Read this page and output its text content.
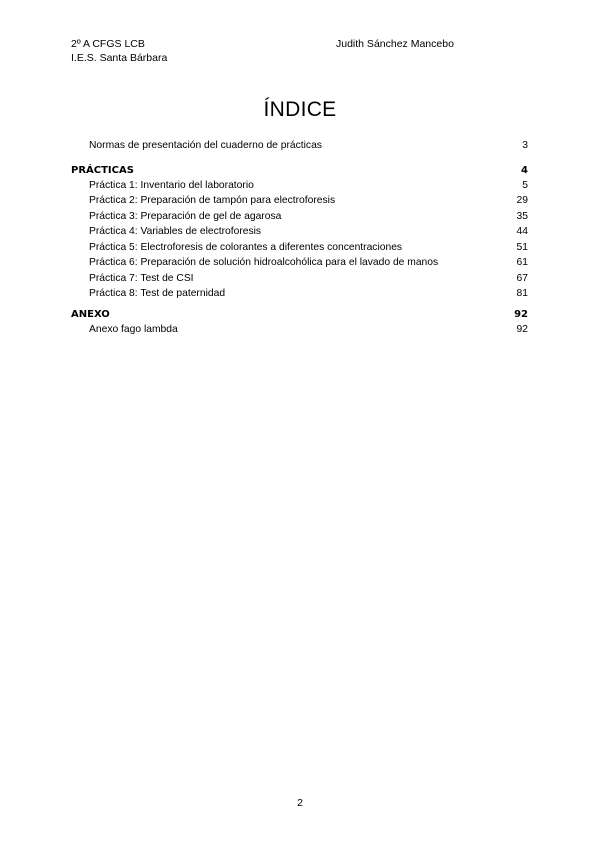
2º A CFGS LCB
I.E.S. Santa Bárbara
Judith Sánchez Mancebo
ÍNDICE
Normas de presentación del cuaderno de prácticas	3
PRÁCTICAS	4
Práctica 1: Inventario del laboratorio	5
Práctica 2: Preparación de tampón para electroforesis	29
Práctica 3: Preparación de gel de agarosa	35
Práctica 4: Variables de electroforesis	44
Práctica 5: Electroforesis de colorantes a diferentes concentraciones	51
Práctica 6: Preparación de solución hidroalcohólica para el lavado de manos	61
Práctica 7: Test de CSI	67
Práctica 8: Test de paternidad	81
ANEXO	92
Anexo fago lambda	92
2
